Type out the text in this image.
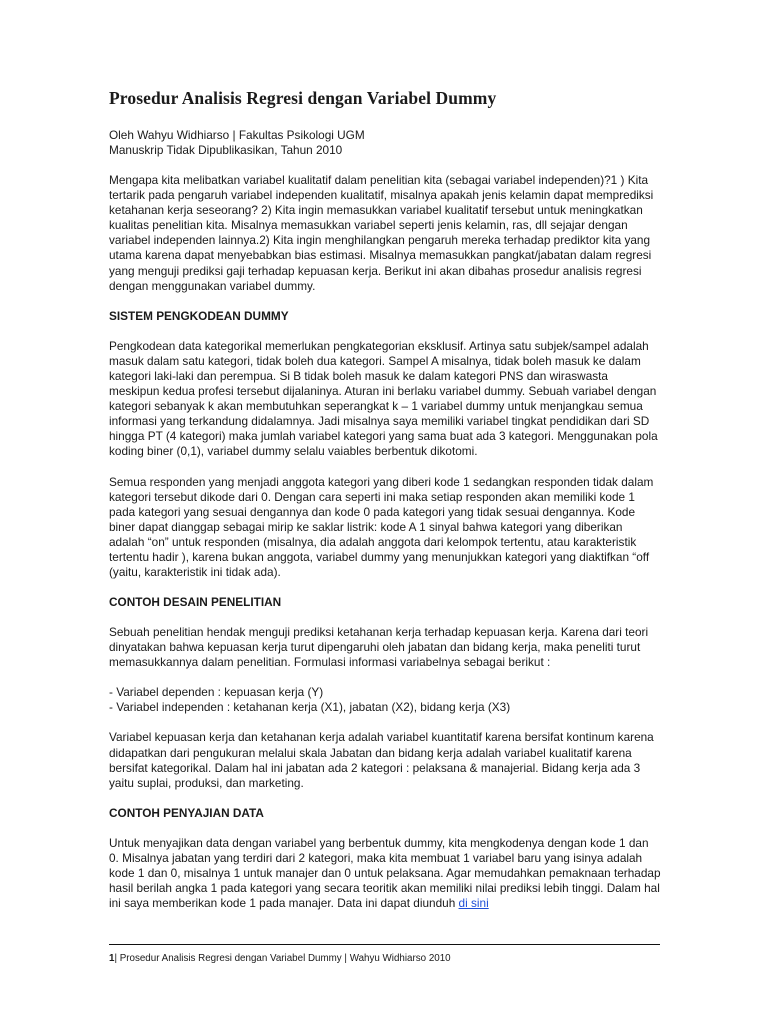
Prosedur Analisis Regresi dengan Variabel Dummy
Oleh Wahyu Widhiarso | Fakultas Psikologi UGM
Manuskrip Tidak Dipublikasikan, Tahun 2010

Mengapa kita melibatkan variabel kualitatif dalam penelitian kita (sebagai variabel independen)?1 ) Kita tertarik pada pengaruh variabel independen kualitatif, misalnya apakah jenis kelamin dapat memprediksi ketahanan kerja seseorang? 2) Kita ingin memasukkan variabel kualitatif tersebut untuk meningkatkan kualitas penelitian kita. Misalnya memasukkan variabel seperti jenis kelamin, ras, dll sejajar dengan variabel independen lainnya.2) Kita ingin menghilangkan pengaruh mereka terhadap prediktor kita yang utama karena dapat menyebabkan bias estimasi. Misalnya memasukkan pangkat/jabatan dalam regresi yang menguji prediksi gaji terhadap kepuasan kerja. Berikut ini akan dibahas prosedur analisis regresi dengan menggunakan variabel dummy.

SISTEM PENGKODEAN DUMMY

Pengkodean data kategorikal memerlukan pengkategorian eksklusif. Artinya satu subjek/sampel adalah masuk dalam satu kategori, tidak boleh dua kategori. Sampel A misalnya, tidak boleh masuk ke dalam kategori laki-laki dan perempua. Si B tidak boleh masuk ke dalam kategori PNS dan wiraswasta meskipun kedua profesi tersebut dijalaninya. Aturan ini berlaku variabel dummy. Sebuah variabel dengan kategori sebanyak k akan membutuhkan seperangkat k – 1 variabel dummy untuk menjangkau semua informasi yang terkandung didalamnya. Jadi misalnya saya memiliki variabel tingkat pendidikan dari SD hingga PT (4 kategori) maka jumlah variabel kategori yang sama buat ada 3 kategori. Menggunakan pola koding biner (0,1), variabel dummy selalu vaiables berbentuk dikotomi.

Semua responden yang menjadi anggota kategori yang diberi kode 1 sedangkan responden tidak dalam kategori tersebut dikode dari 0. Dengan cara seperti ini maka setiap responden akan memiliki kode 1 pada kategori yang sesuai dengannya dan kode 0 pada kategori yang tidak sesuai dengannya. Kode biner dapat dianggap sebagai mirip ke saklar listrik: kode A 1 sinyal bahwa kategori yang diberikan adalah “on” untuk responden (misalnya, dia adalah anggota dari kelompok tertentu, atau karakteristik tertentu hadir ), karena bukan anggota, variabel dummy yang menunjukkan kategori yang diaktifkan “off (yaitu, karakteristik ini tidak ada).

CONTOH DESAIN PENELITIAN

Sebuah penelitian hendak menguji prediksi ketahanan kerja terhadap kepuasan kerja. Karena dari teori dinyatakan bahwa kepuasan kerja turut dipengaruhi oleh jabatan dan bidang kerja, maka peneliti turut memasukkannya dalam penelitian. Formulasi informasi variabelnya sebagai berikut :

- Variabel dependen : kepuasan kerja (Y)
- Variabel independen : ketahanan kerja (X1), jabatan (X2), bidang kerja (X3)

Variabel kepuasan kerja dan ketahanan kerja adalah variabel kuantitatif karena bersifat kontinum karena didapatkan dari pengukuran melalui skala Jabatan dan bidang kerja adalah variabel kualitatif karena bersifat kategorikal. Dalam hal ini jabatan ada 2 kategori : pelaksana & manajerial. Bidang kerja ada 3 yaitu suplai, produksi, dan marketing.

CONTOH PENYAJIAN DATA

Untuk menyajikan data dengan variabel yang berbentuk dummy, kita mengkodenya dengan kode 1 dan 0. Misalnya jabatan yang terdiri dari 2 kategori, maka kita membuat 1 variabel baru yang isinya adalah kode 1 dan 0, misalnya 1 untuk manajer dan 0 untuk pelaksana. Agar memudahkan pemaknaan terhadap hasil berilah angka 1 pada kategori yang secara teoritik akan memiliki nilai prediksi lebih tinggi. Dalam hal ini saya memberikan kode 1 pada manajer. Data ini dapat diunduh di sini

1| Prosedur Analisis Regresi dengan Variabel Dummy | Wahyu Widhiarso 2010
